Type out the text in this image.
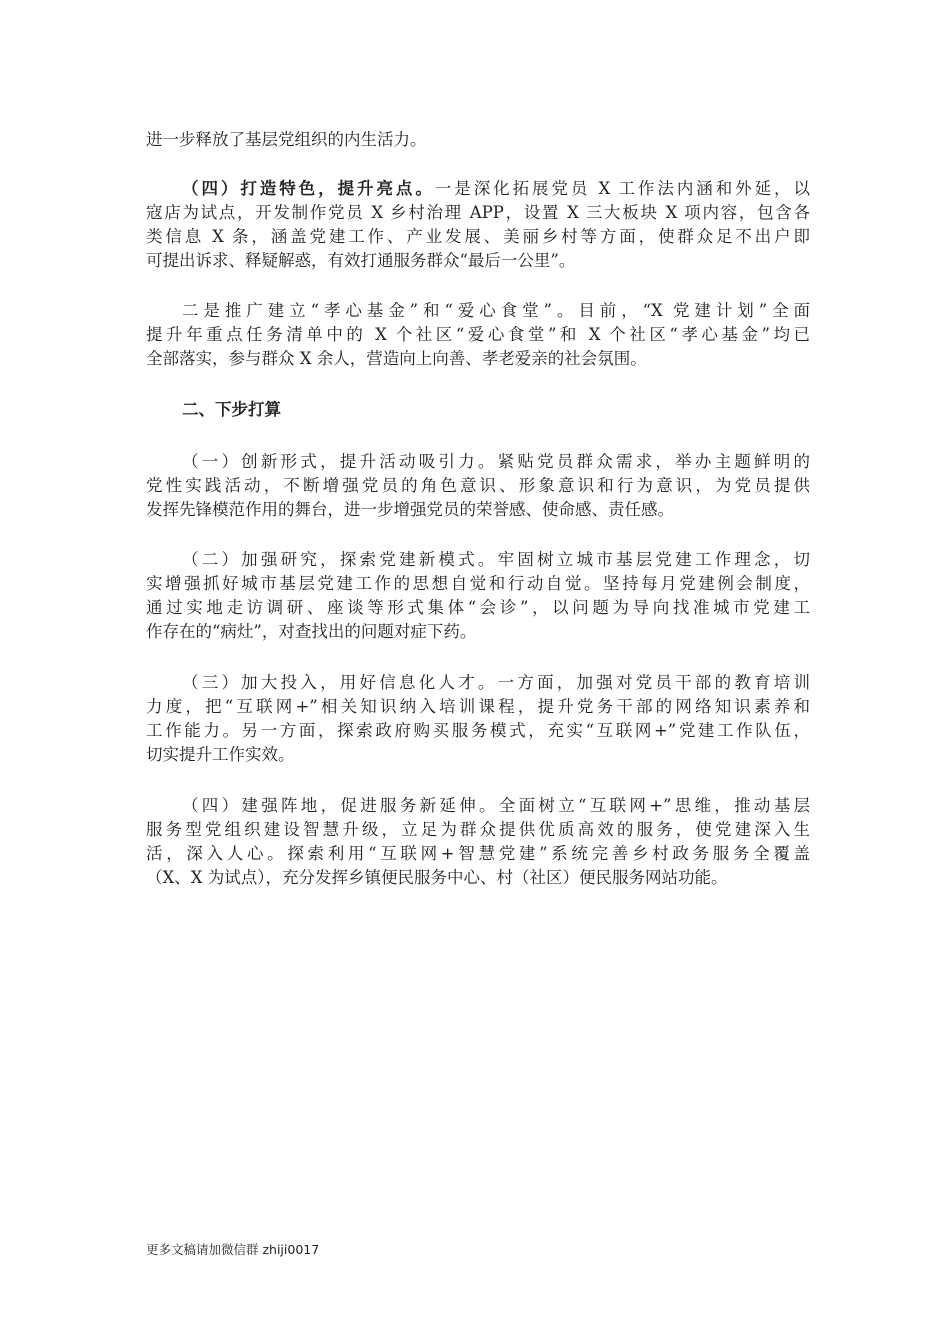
进一步释放了基层党组织的内生活力。
（四）打造特色，提升亮点。一是深化拓展党员 X 工作法内涵和外延，以
寇店为试点，开发制作党员 X 乡村治理 APP，设置 X 三大板块 X 项内容，包含各
类信息 X 条，涵盖党建工作、产业发展、美丽乡村等方面，使群众足不出户即
可提出诉求、释疑解惑，有效打通服务群众“最后一公里”。
二是推广建立“孝心基金”和“爱心食堂”。目前，“X 党建计划”全面
提升年重点任务清单中的 X 个社区“爱心食堂”和 X 个社区“孝心基金”均已
全部落实，参与群众 X 余人，营造向上向善、孝老爱亲的社会氛围。
二、下步打算
（一）创新形式，提升活动吸引力。紧贴党员群众需求，举办主题鲜明的
党性实践活动，不断增强党员的角色意识、形象意识和行为意识，为党员提供
发挥先锋模范作用的舞台，进一步增强党员的荣誉感、使命感、责任感。
（二）加强研究，探索党建新模式。牢固树立城市基层党建工作理念，切
实增强抓好城市基层党建工作的思想自觉和行动自觉。坚持每月党建例会制度，
通过实地走访调研、座谈等形式集体“会诊”，以问题为导向找准城市党建工
作存在的“病灶”，对查找出的问题对症下药。
（三）加大投入，用好信息化人才。一方面，加强对党员干部的教育培训
力度，把“互联网+”相关知识纳入培训课程，提升党务干部的网络知识素养和
工作能力。另一方面，探索政府购买服务模式，充实“互联网+”党建工作队伍，
切实提升工作实效。
（四）建强阵地，促进服务新延伸。全面树立“互联网+”思维，推动基层
服务型党组织建设智慧升级，立足为群众提供优质高效的服务，使党建深入生
活，深入人心。探索利用“互联网+智慧党建”系统完善乡村政务服务全覆盖
（X、X 为试点），充分发挥乡镇便民服务中心、村（社区）便民服务网站功能。
更多文稿请加微信群 zhiji0017
